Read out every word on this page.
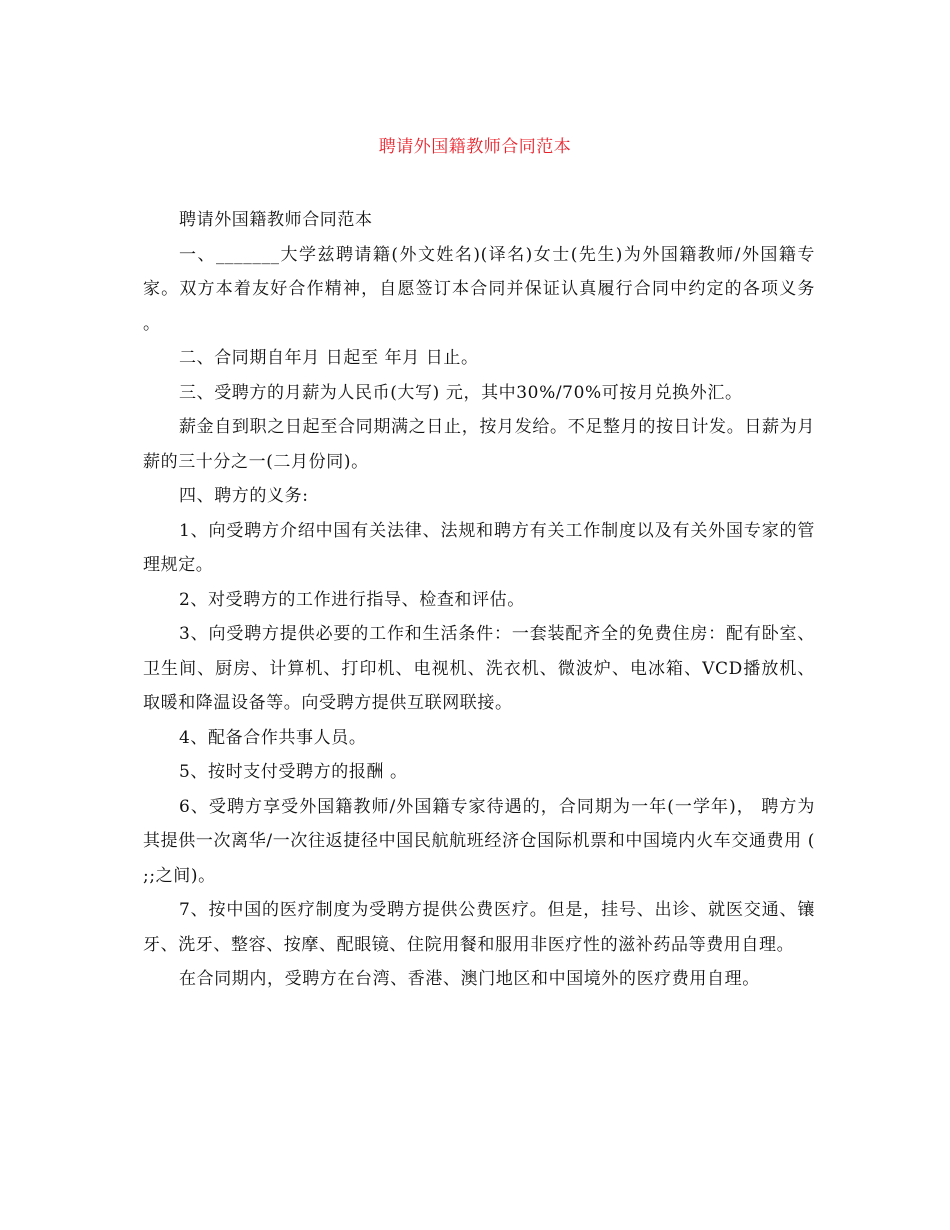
聘请外国籍教师合同范本

聘请外国籍教师合同范本

一、_______大学兹聘请籍(外文姓名)(译名)女士(先生)为外国籍教师/外国籍专家。双方本着友好合作精神，自愿签订本合同并保证认真履行合同中约定的各项义务 。

二、合同期自年月 日起至 年月 日止。

三、受聘方的月薪为人民币(大写) 元，其中30%/70%可按月兑换外汇。

薪金自到职之日起至合同期满之日止，按月发给。不足整月的按日计发。日薪为月薪的三十分之一(二月份同)。

四、聘方的义务:

1、向受聘方介绍中国有关法律、法规和聘方有关工作制度以及有关外国专家的管理规定。

2、对受聘方的工作进行指导、检查和评估。

3、向受聘方提供必要的工作和生活条件：一套装配齐全的免费住房：配有卧室、卫生间、厨房、计算机、打印机、电视机、洗衣机、微波炉、电冰箱、VCD播放机、取暖和降温设备等。向受聘方提供互联网联接。

4、配备合作共事人员。

5、按时支付受聘方的报酬 。

6、受聘方享受外国籍教师/外国籍专家待遇的，合同期为一年(一学年)， 聘方为其提供一次离华/一次往返捷径中国民航航班经济仓国际机票和中国境内火车交通费用 ( ;;之间)。

7、按中国的医疗制度为受聘方提供公费医疗。但是，挂号、出诊、就医交通、镶牙、洗牙、整容、按摩、配眼镜、住院用餐和服用非医疗性的滋补药品等费用自理。

在合同期内，受聘方在台湾、香港、澳门地区和中国境外的医疗费用自理。
